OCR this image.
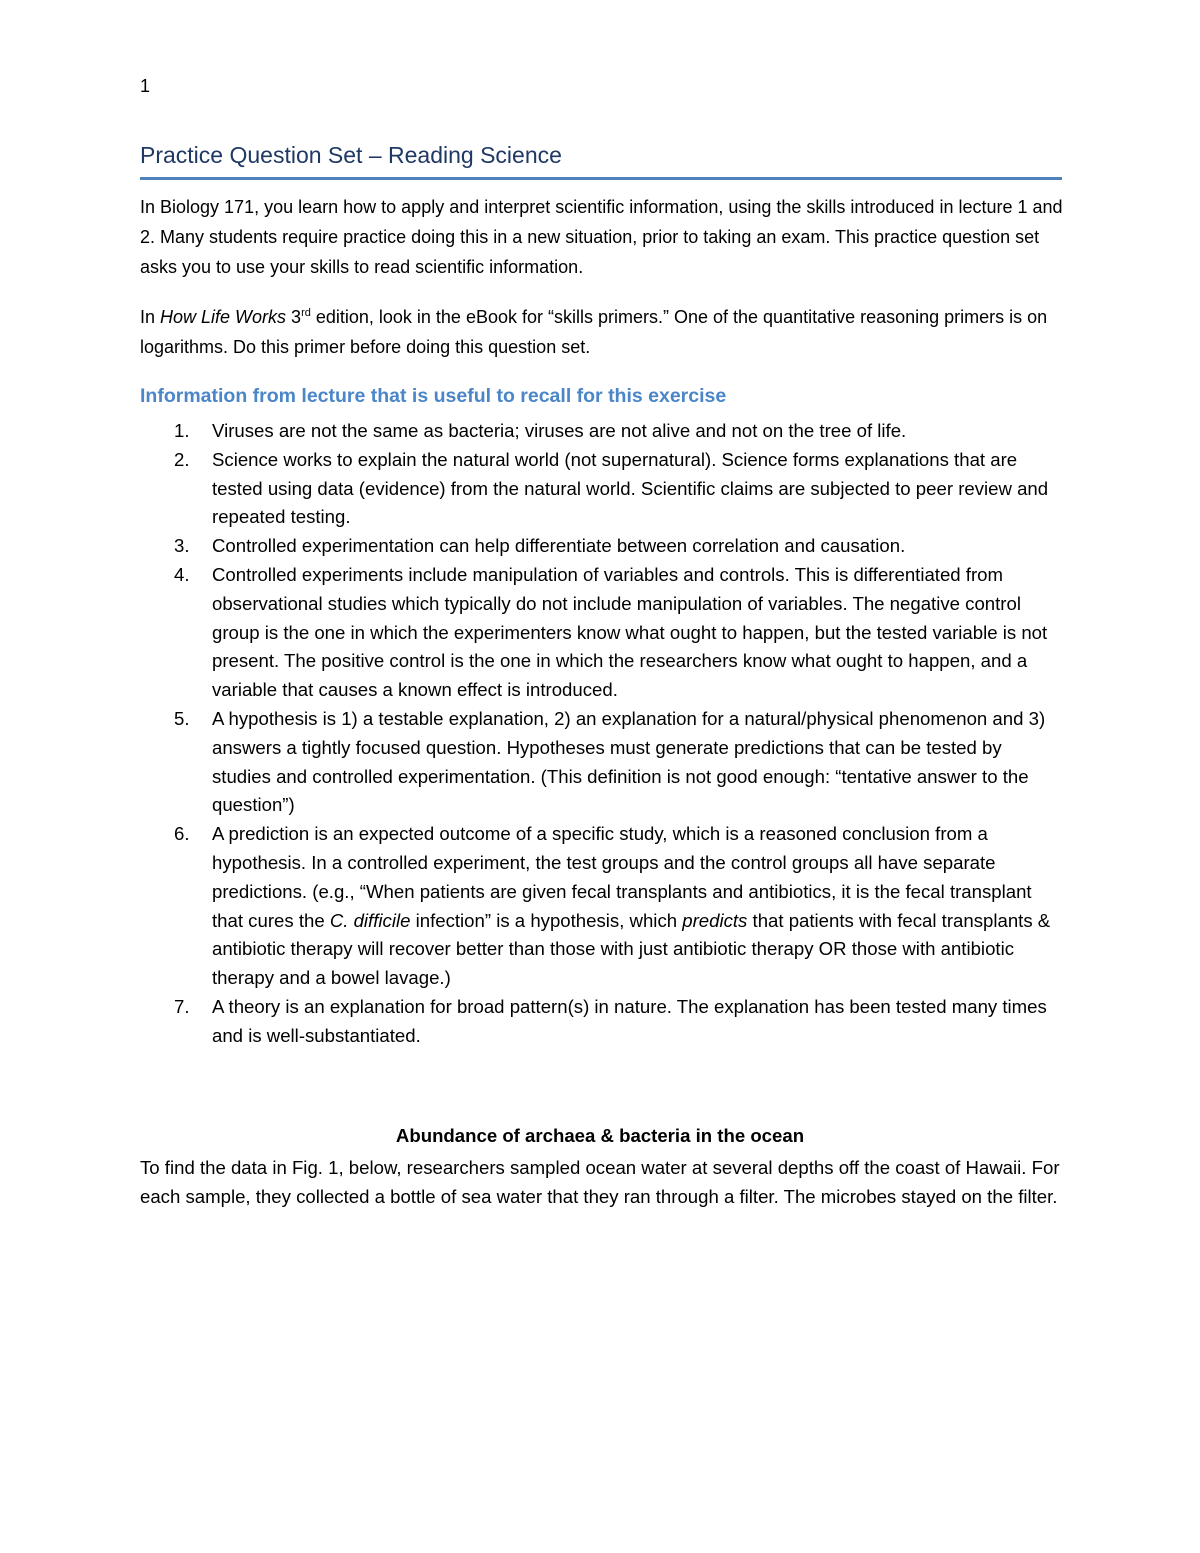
1
Practice Question Set – Reading Science

In Biology 171, you learn how to apply and interpret scientific information, using the skills introduced in lecture 1 and 2. Many students require practice doing this in a new situation, prior to taking an exam. This practice question set asks you to use your skills to read scientific information.

In How Life Works 3rd edition, look in the eBook for “skills primers.” One of the quantitative reasoning primers is on logarithms. Do this primer before doing this question set.

Information from lecture that is useful to recall for this exercise
1. Viruses are not the same as bacteria; viruses are not alive and not on the tree of life.
2. Science works to explain the natural world (not supernatural). Science forms explanations that are tested using data (evidence) from the natural world. Scientific claims are subjected to peer review and repeated testing.
3. Controlled experimentation can help differentiate between correlation and causation.
4. Controlled experiments include manipulation of variables and controls. This is differentiated from observational studies which typically do not include manipulation of variables. The negative control group is the one in which the experimenters know what ought to happen, but the tested variable is not present. The positive control is the one in which the researchers know what ought to happen, and a variable that causes a known effect is introduced.
5. A hypothesis is 1) a testable explanation, 2) an explanation for a natural/physical phenomenon and 3) answers a tightly focused question. Hypotheses must generate predictions that can be tested by studies and controlled experimentation. (This definition is not good enough: “tentative answer to the question”)
6. A prediction is an expected outcome of a specific study, which is a reasoned conclusion from a hypothesis. In a controlled experiment, the test groups and the control groups all have separate predictions. (e.g., “When patients are given fecal transplants and antibiotics, it is the fecal transplant that cures the C. difficile infection” is a hypothesis, which predicts that patients with fecal transplants & antibiotic therapy will recover better than those with just antibiotic therapy OR those with antibiotic therapy and a bowel lavage.)
7. A theory is an explanation for broad pattern(s) in nature. The explanation has been tested many times and is well-substantiated.
Abundance of archaea & bacteria in the ocean

To find the data in Fig. 1, below, researchers sampled ocean water at several depths off the coast of Hawaii. For each sample, they collected a bottle of sea water that they ran through a filter. The microbes stayed on the filter.
